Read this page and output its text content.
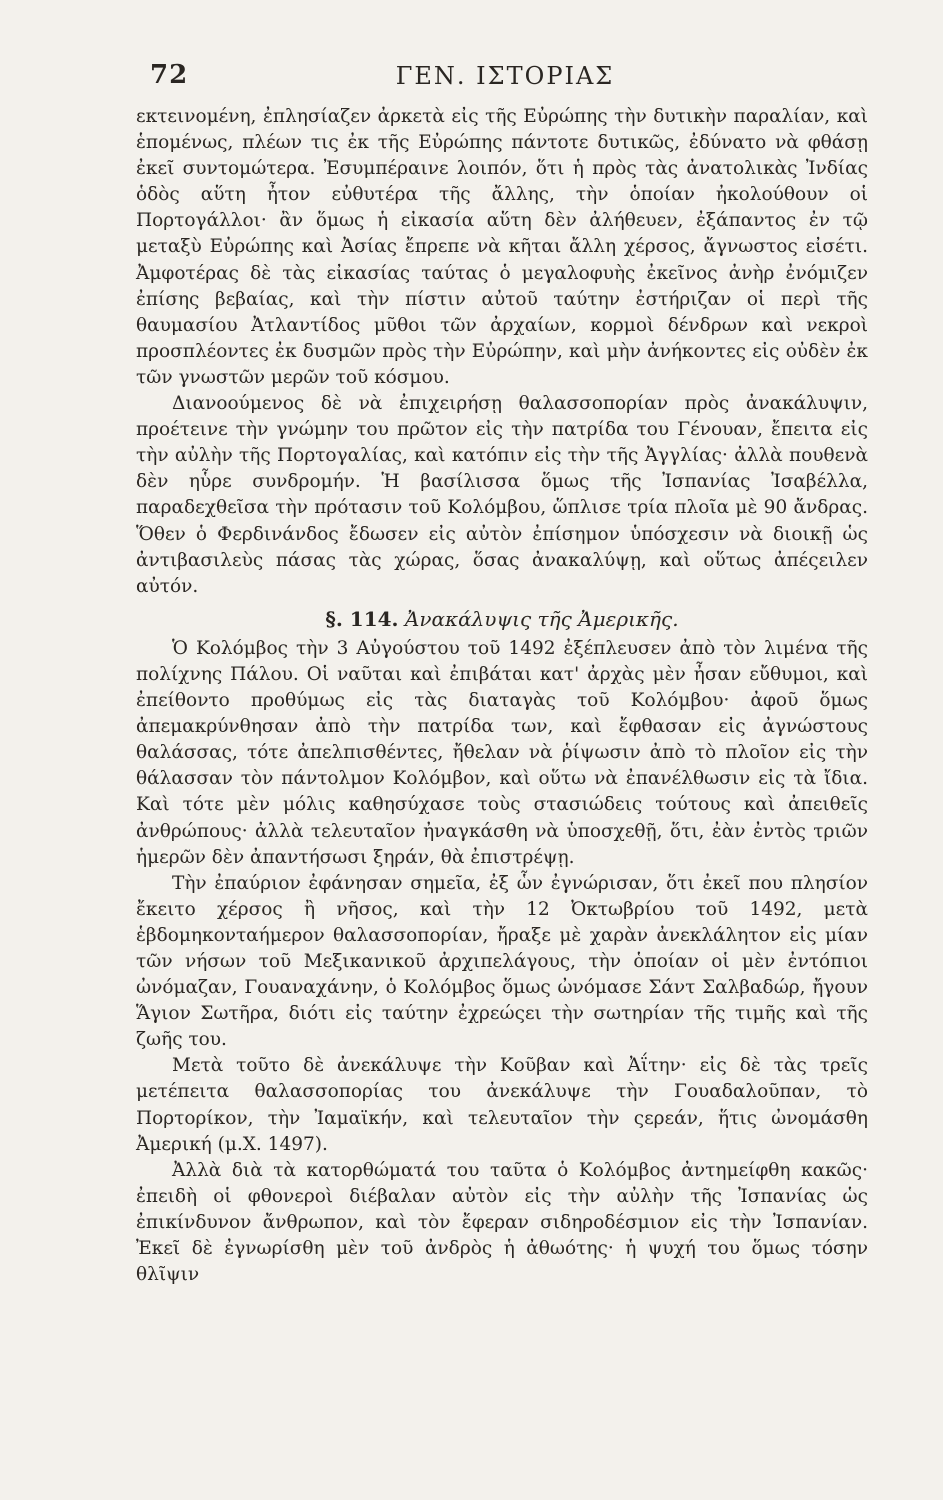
72	ΓΕΝ. ΙΣΤΟΡΙΑΣ

εκτεινομένη, ἐπλησίαζεν ἀρκετὰ εἰς τῆς Εὐρώπης τὴν δυτικὴν παραλίαν, καὶ ἑπομένως, πλέων τις ἐκ τῆς Εὐρώπης πάντοτε δυτικῶς, ἐδύνατο νὰ φθάσῃ ἐκεῖ συντομώτερα. Ἐσυμπέραινε λοιπόν, ὅτι ἡ πρὸς τὰς ἀνατολικὰς Ἰνδίας ὁδὸς αὕτη ἦτον εὐθυτέρα τῆς ἄλλης, τὴν ὁποίαν ἠκολούθουν οἱ Πορτογάλλοι· ἂν ὅμως ἡ εἰκασία αὕτη δὲν ἀλήθευεν, ἐξάπαντος ἐν τῷ μεταξὺ Εὐρώπης καὶ Ἀσίας ἔπρεπε νὰ κῆται ἄλλη χέρσος, ἄγνωστος εἰσέτι. Ἀμφοτέρας δὲ τὰς εἰκασίας ταύτας ὁ μεγαλοφυὴς ἐκεῖνος ἀνὴρ ἐνόμιζεν ἐπίσης βεβαίας, καὶ τὴν πίστιν αὐτοῦ ταύτην ἐστήριζαν οἱ περὶ τῆς θαυμασίου Ἀτλαντίδος μῦθοι τῶν ἀρχαίων, κορμοὶ δένδρων καὶ νεκροὶ προσπλέοντες ἐκ δυσμῶν πρὸς τὴν Εὐρώπην, καὶ μὴν ἀνήκοντες εἰς οὐδὲν ἐκ τῶν γνωστῶν μερῶν τοῦ κόσμου.

Διανοούμενος δὲ νὰ ἐπιχειρήσῃ θαλασσοπορίαν πρὸς ἀνακάλυψιν, προέτεινε τὴν γνώμην του πρῶτον εἰς τὴν πατρίδα του Γένουαν, ἔπειτα εἰς τὴν αὐλὴν τῆς Πορτογαλίας, καὶ κατόπιν εἰς τὴν τῆς Ἀγγλίας· ἀλλὰ πουθενὰ δὲν ηὗρε συνδρομήν. Ἡ βασίλισσα ὅμως τῆς Ἰσπανίας Ἰσαβέλλα, παραδεχθεῖσα τὴν πρότασιν τοῦ Κολόμβου, ὥπλισε τρία πλοῖα μὲ 90 ἄνδρας. Ὅθεν ὁ Φερδινάνδος ἔδωσεν εἰς αὐτὸν ἐπίσημον ὑπόσχεσιν νὰ διοικῇ ὡς ἀντιβασιλεὺς πάσας τὰς χώρας, ὅσας ἀνακαλύψῃ, καὶ οὕτως ἀπέςειλεν αὐτόν.

§. 114. Ἀνακάλυψις τῆς Ἀμερικῆς.

Ὁ Κολόμβος τὴν 3 Αὐγούστου τοῦ 1492 ἐξέπλευσεν ἀπὸ τὸν λιμένα τῆς πολίχνης Πάλου. Οἱ ναῦται καὶ ἐπιβάται κατ' ἀρχὰς μὲν ἦσαν εὔθυμοι, καὶ ἐπείθοντο προθύμως εἰς τὰς διαταγὰς τοῦ Κολόμβου· ἀφοῦ ὅμως ἀπεμακρύνθησαν ἀπὸ τὴν πατρίδα των, καὶ ἔφθασαν εἰς ἀγνώστους θαλάσσας, τότε ἀπελπισθέντες, ἤθελαν νὰ ῥίψωσιν ἀπὸ τὸ πλοῖον εἰς τὴν θάλασσαν τὸν πάντολμον Κολόμβον, καὶ οὕτω νὰ ἐπανέλθωσιν εἰς τὰ ἴδια. Καὶ τότε μὲν μόλις καθησύχασε τοὺς στασιώδεις τούτους καὶ ἀπειθεῖς ἀνθρώπους· ἀλλὰ τελευταῖον ἠναγκάσθη νὰ ὑποσχεθῇ, ὅτι, ἐὰν ἐντὸς τριῶν ἡμερῶν δὲν ἀπαντήσωσι ξηράν, θὰ ἐπιστρέψῃ.

Τὴν ἐπαύριον ἐφάνησαν σημεῖα, ἐξ ὧν ἐγνώρισαν, ὅτι ἐκεῖ που πλησίον ἔκειτο χέρσος ἢ νῆσος, καὶ τὴν 12 Ὀκτωβρίου τοῦ 1492, μετὰ ἑβδομηκονταήμερον θαλασσοπορίαν, ἤραξε μὲ χαρὰν ἀνεκλάλητον εἰς μίαν τῶν νήσων τοῦ Μεξικανικοῦ ἀρχιπελάγους, τὴν ὁποίαν οἱ μὲν ἐντόπιοι ὠνόμαζαν, Γουαναχάνην, ὁ Κολόμβος ὅμως ὠνόμασε Σάντ Σαλβαδώρ, ἤγουν Ἅγιον Σωτῆρα, διότι εἰς ταύτην ἐχρεώςει τὴν σωτηρίαν τῆς τιμῆς καὶ τῆς ζωῆς του.

Μετὰ τοῦτο δὲ ἀνεκάλυψε τὴν Κοῦβαν καὶ Ἀΐτην· εἰς δὲ τὰς τρεῖς μετέπειτα θαλασσοπορίας του ἀνεκάλυψε τὴν Γουαδαλοῦπαν, τὸ Πορτορίκον, τὴν Ἰαμαϊκήν, καὶ τελευταῖον τὴν ςερεάν, ἥτις ὠνομάσθη Ἀμερική (μ.Χ. 1497).

Ἀλλὰ διὰ τὰ κατορθώματά του ταῦτα ὁ Κολόμβος ἀντημείφθη κακῶς· ἐπειδὴ οἱ φθονεροὶ διέβαλαν αὐτὸν εἰς τὴν αὐλὴν τῆς Ἰσπανίας ὡς ἐπικίνδυνον ἄνθρωπον, καὶ τὸν ἔφεραν σιδηροδέσμιον εἰς τὴν Ἰσπανίαν. Ἐκεῖ δὲ ἐγνωρίσθη μὲν τοῦ ἀνδρὸς ἡ ἀθωότης· ἡ ψυχή του ὅμως τόσην θλῖψιν
